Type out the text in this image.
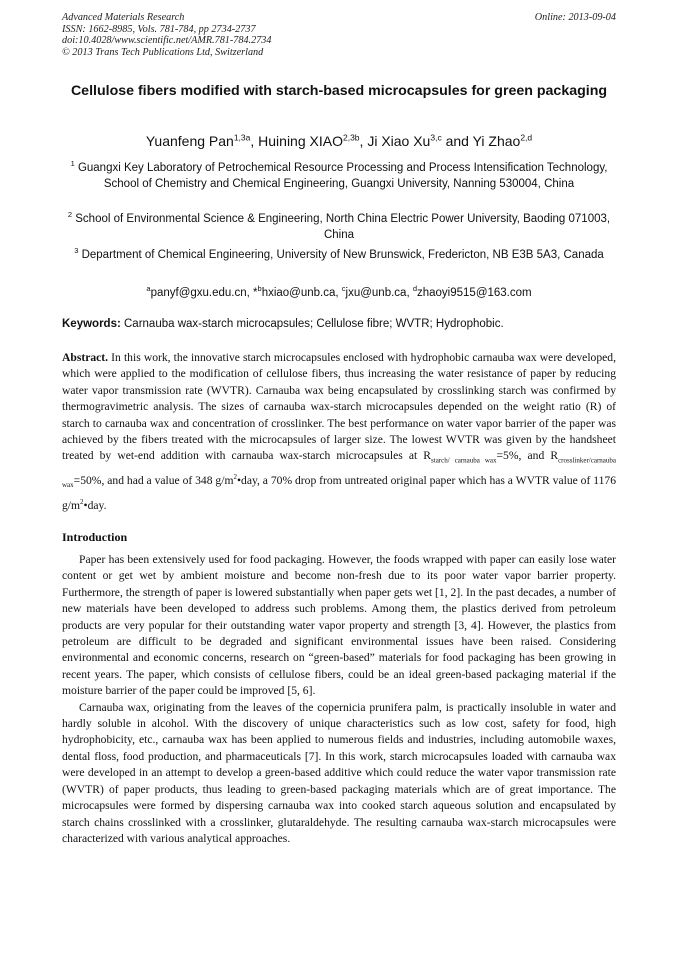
Advanced Materials Research
ISSN: 1662-8985, Vols. 781-784, pp 2734-2737
doi:10.4028/www.scientific.net/AMR.781-784.2734
© 2013 Trans Tech Publications Ltd, Switzerland
Online: 2013-09-04
Cellulose fibers modified with starch-based microcapsules for green packaging
Yuanfeng Pan$^{1,3a}$, Huining $XIAO^{2,3b}$, Ji Xiao Xu$^{3,c}$ and Yi Zhao$^{2,d}$
$^1$ Guangxi Key Laboratory of Petrochemical Resource Processing and Process Intensification Technology, School of Chemistry and Chemical Engineering, Guangxi University, Nanning 530004, China
$^2$ School of Environmental Science & Engineering, North China Electric Power University, Baoding 071003, China
$^3$ Department of Chemical Engineering, University of New Brunswick, Fredericton, NB E3B 5A3, Canada
$^a$panyf@gxu.edu.cn, *$^b$hxiao@unb.ca, $^c$jxu@unb.ca, $^d$zhaoyi9515@163.com
Keywords: Carnauba wax-starch microcapsules; Cellulose fibre; WVTR; Hydrophobic.
Abstract. In this work, the innovative starch microcapsules enclosed with hydrophobic carnauba wax were developed, which were applied to the modification of cellulose fibers, thus increasing the water resistance of paper by reducing water vapor transmission rate (WVTR). Carnauba wax being encapsulated by crosslinking starch was confirmed by thermogravimetric analysis. The sizes of carnauba wax-starch microcapsules depended on the weight ratio (R) of starch to carnauba wax and concentration of crosslinker. The best performance on water vapor barrier of the paper was achieved by the fibers treated with the microcapsules of larger size. The lowest WVTR was given by the handsheet treated by wet-end addition with carnauba wax-starch microcapsules at $R_{starch/ carnauba wax}=5\%$, and $R_{crosslinker/carnauba wax}=50\%$, and had a value of 348 $g/m^2•day$, a 70% drop from untreated original paper which has a WVTR value of 1176 $g/m^2•day$.
Introduction

Paper has been extensively used for food packaging. However, the foods wrapped with paper can easily lose water content or get wet by ambient moisture and become non-fresh due to its poor water vapor barrier property. Furthermore, the strength of paper is lowered substantially when paper gets wet [1, 2]. In the past decades, a number of new materials have been developed to address such problems. Among them, the plastics derived from petroleum products are very popular for their outstanding water vapor property and strength [3, 4]. However, the plastics from petroleum are difficult to be degraded and significant environmental issues have been raised. Considering environmental and economic concerns, research on “green-based” materials for food packaging has been growing in recent years. The paper, which consists of cellulose fibers, could be an ideal green-based packaging material if the moisture barrier of the paper could be improved [5, 6].

Carnauba wax, originating from the leaves of the copernicia prunifera palm, is practically insoluble in water and hardly soluble in alcohol. With the discovery of unique characteristics such as low cost, safety for food, high hydrophobicity, etc., carnauba wax has been applied to numerous fields and industries, including automobile waxes, dental floss, food production, and pharmaceuticals [7]. In this work, starch microcapsules loaded with carnauba wax were developed in an attempt to develop a green-based additive which could reduce the water vapor transmission rate (WVTR) of paper products, thus leading to green-based packaging materials which are of great importance. The microcapsules were formed by dispersing carnauba wax into cooked starch aqueous solution and encapsulated by starch chains crosslinked with a crosslinker, glutaraldehyde. The resulting carnauba wax-starch microcapsules were characterized with various analytical approaches.
